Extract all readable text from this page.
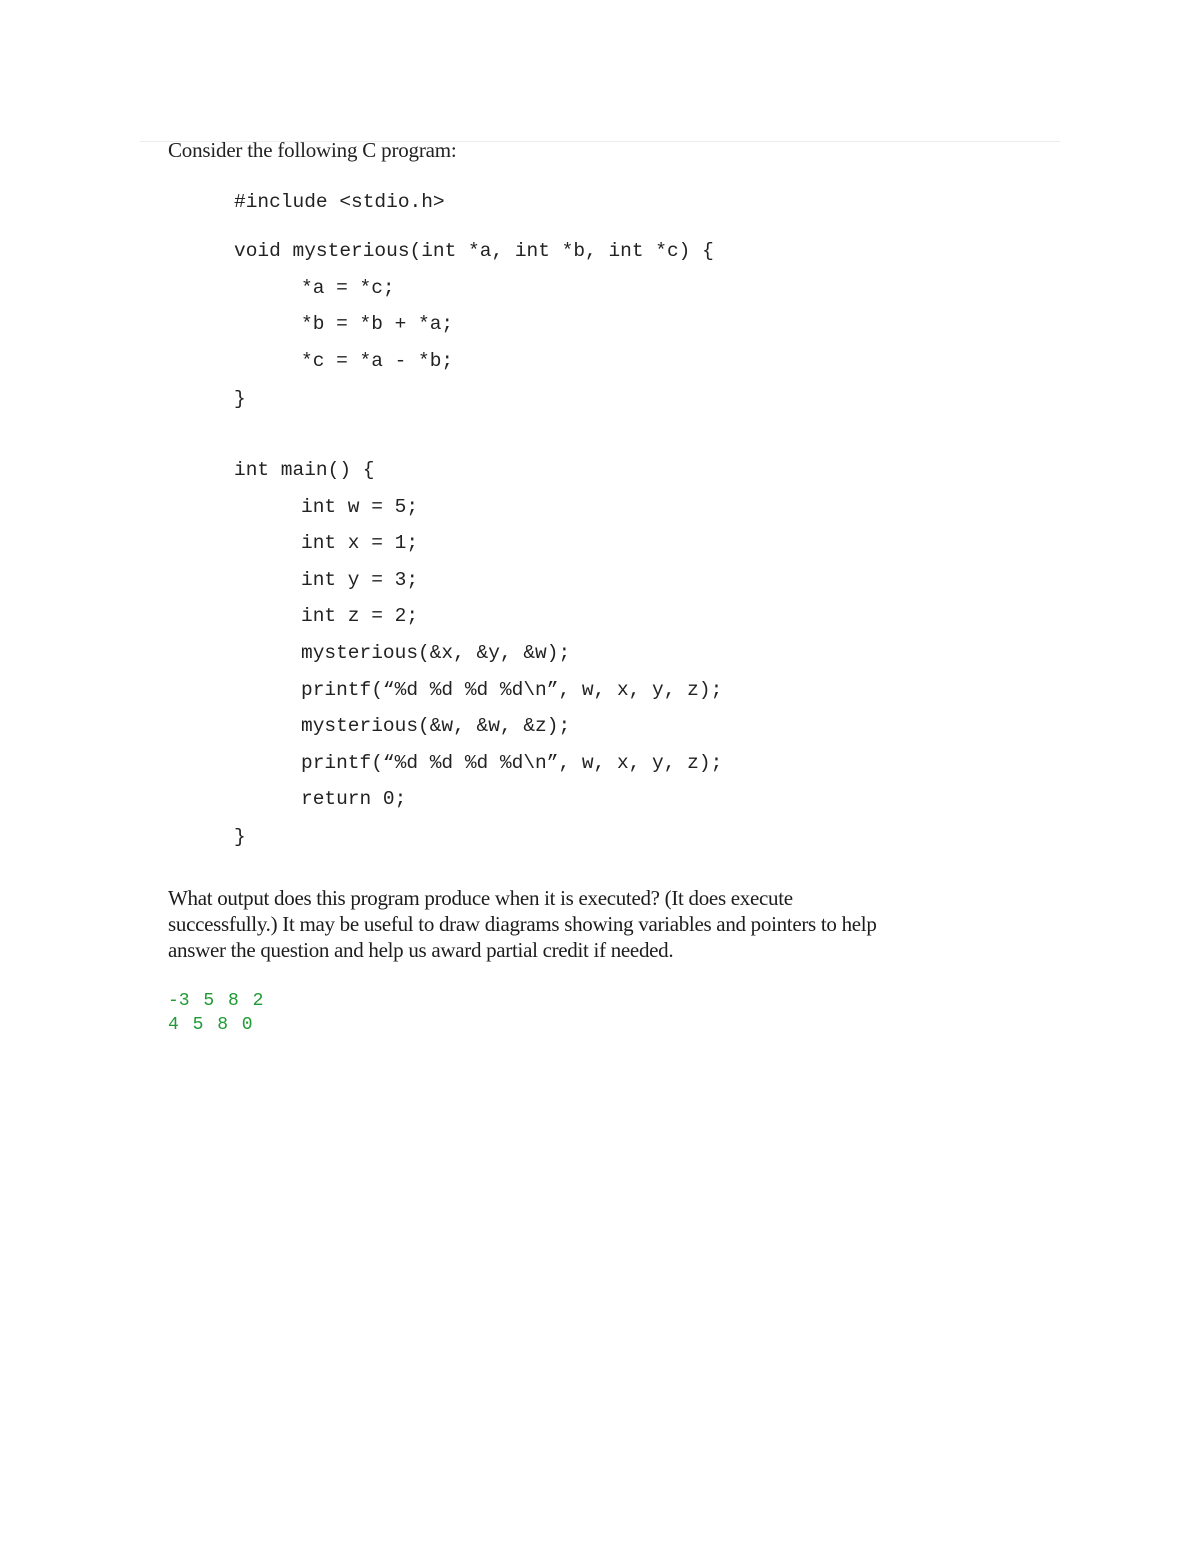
Consider the following C program:
#include <stdio.h>
void mysterious(int *a, int *b, int *c) {
*a = *c;
*b = *b + *a;
*c = *a - *b;
}
int main() {
int w = 5;
int x = 1;
int y = 3;
int z = 2;
mysterious(&x, &y, &w);
printf(“%d %d %d %d\n”, w, x, y, z);
mysterious(&w, &w, &z);
printf(“%d %d %d %d\n”, w, x, y, z);
return 0;
}
What output does this program produce when it is executed? (It does execute
successfully.) It may be useful to draw diagrams showing variables and pointers to help
answer the question and help us award partial credit if needed.
-3 5 8 2
4 5 8 0
